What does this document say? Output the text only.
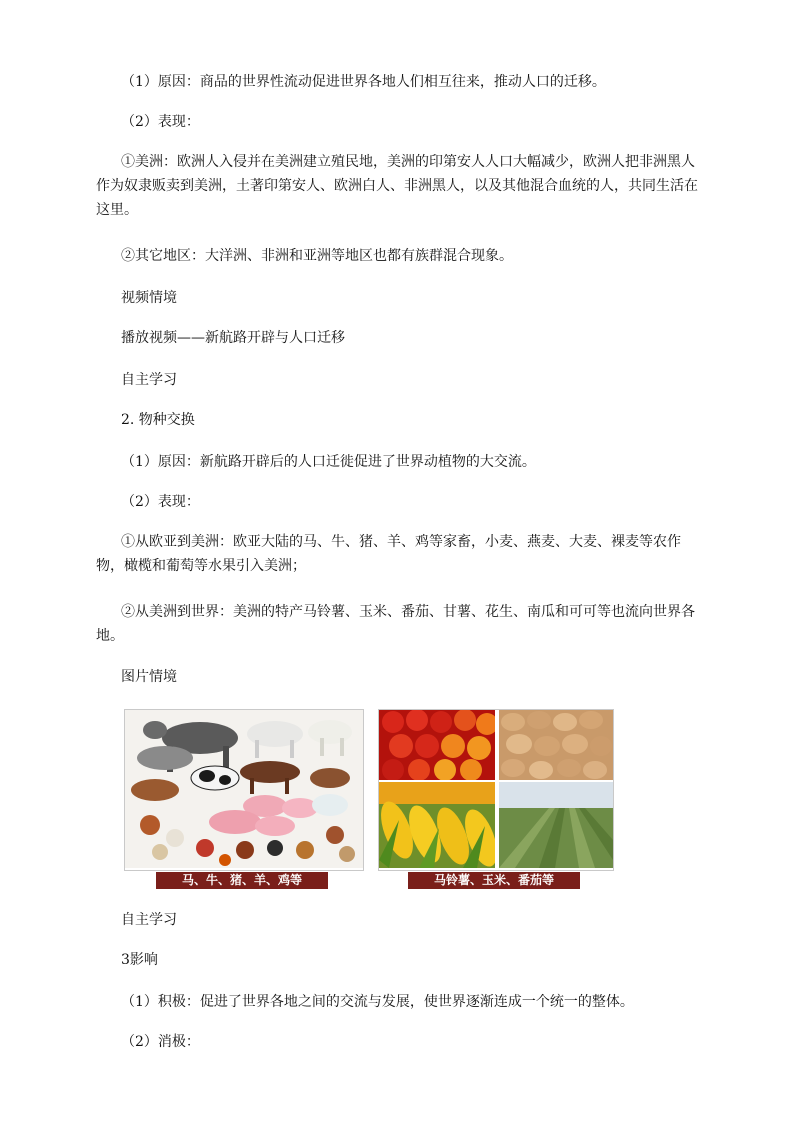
（1）原因：商品的世界性流动促进世界各地人们相互往来，推动人口的迁移。

（2）表现：

①美洲：欧洲人入侵并在美洲建立殖民地，美洲的印第安人人口大幅减少，欧洲人把非洲黑人作为奴隶贩卖到美洲，土著印第安人、欧洲白人、非洲黑人，以及其他混合血统的人，共同生活在这里。

②其它地区：大洋洲、非洲和亚洲等地区也都有族群混合现象。

视频情境

播放视频——新航路开辟与人口迁移

自主学习

2. 物种交换

（1）原因：新航路开辟后的人口迁徙促进了世界动植物的大交流。

（2）表现：

①从欧亚到美洲：欧亚大陆的马、牛、猪、羊、鸡等家畜，小麦、燕麦、大麦、裸麦等农作物，橄榄和葡萄等水果引入美洲；

②从美洲到世界：美洲的特产马铃薯、玉米、番茄、甘薯、花生、南瓜和可可等也流向世界各地。

图片情境

马、牛、猪、羊、鸡等	马铃薯、玉米、番茄等

自主学习

3影响

（1）积极：促进了世界各地之间的交流与发展，使世界逐渐连成一个统一的整体。

（2）消极：
